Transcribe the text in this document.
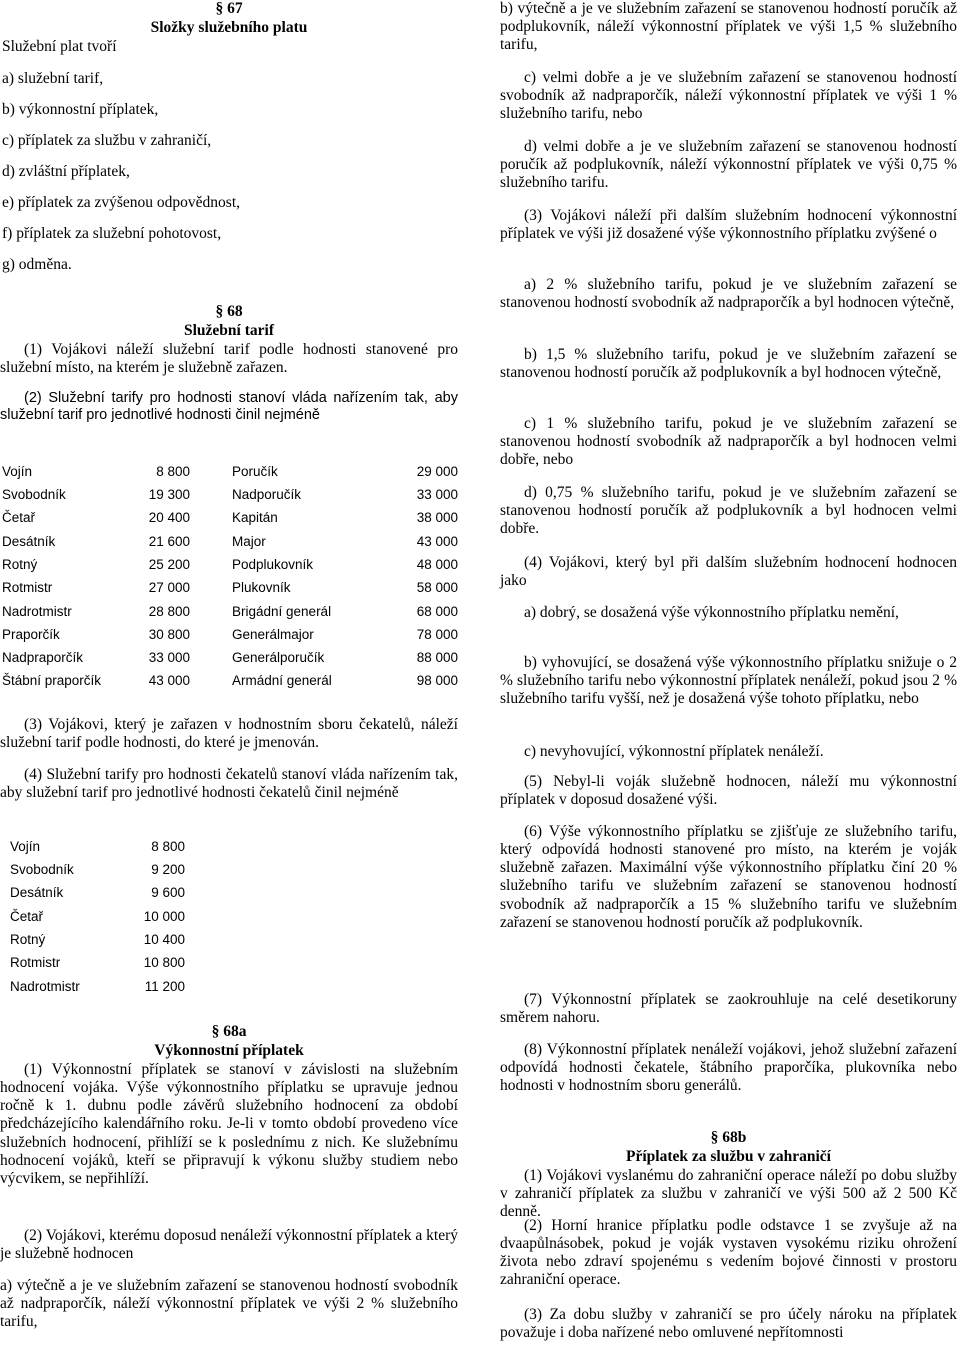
§ 67

Složky služebního platu

Služební plat tvoří

a) služební tarif,

b) výkonnostní příplatek,

c) příplatek za službu v zahraničí,

d) zvláštní příplatek,

e) příplatek za zvýšenou odpovědnost,

f) příplatek za služební pohotovost,

g) odměna.

§ 68

Služební tarif

(1) Vojákovi náleží služební tarif podle hodnosti stanovené pro služební místo, na kterém je služebně zařazen.

(2) Služební tarify pro hodnosti stanoví vláda nařízením tak, aby služební tarif pro jednotlivé hodnosti činil nejméně

Vojín	8 800	Poručík	29 000
Svobodník	19 300	Nadporučík	33 000
Četař	20 400	Kapitán	38 000
Desátník	21 600	Major	43 000
Rotný	25 200	Podplukovník	48 000
Rotmistr	27 000	Plukovník	58 000
Nadrotmistr	28 800	Brigádní generál	68 000
Praporčík	30 800	Generálmajor	78 000
Nadpraporčík	33 000	Generálporučík	88 000
Štábní praporčík	43 000	Armádní generál	98 000

(3) Vojákovi, který je zařazen v hodnostním sboru čekatelů, náleží služební tarif podle hodnosti, do které je jmenován.

(4) Služební tarify pro hodnosti čekatelů stanoví vláda nařízením tak, aby služební tarif pro jednotlivé hodnosti čekatelů činil nejméně

Vojín	8 800
Svobodník	9 200
Desátník	9 600
Četař	10 000
Rotný	10 400
Rotmistr	10 800
Nadrotmistr	11 200

§ 68a

Výkonnostní příplatek

(1) Výkonnostní příplatek se stanoví v závislosti na služebním hodnocení vojáka. Výše výkonnostního příplatku se upravuje jednou ročně k 1. dubnu podle závěrů služebního hodnocení za období předcházejícího kalendářního roku. Je-li v tomto období provedeno více služebních hodnocení, přihlíží se k poslednímu z nich. Ke služebnímu hodnocení vojáků, kteří se připravují k výkonu služby studiem nebo výcvikem, se nepřihlíží.

(2) Vojákovi, kterému doposud nenáleží výkonnostní příplatek a který je služebně hodnocen

a) výtečně a je ve služebním zařazení se stanovenou hodností svobodník až nadpraporčík, náleží výkonnostní příplatek ve výši 2 % služebního tarifu,

b) výtečně a je ve služebním zařazení se stanovenou hodností poručík až podplukovník, náleží výkonnostní příplatek ve výši 1,5 % služebního tarifu,

c) velmi dobře a je ve služebním zařazení se stanovenou hodností svobodník až nadpraporčík, náleží výkonnostní příplatek ve výši 1 % služebního tarifu, nebo

d) velmi dobře a je ve služebním zařazení se stanovenou hodností poručík až podplukovník, náleží výkonnostní příplatek ve výši 0,75 % služebního tarifu.

(3) Vojákovi náleží při dalším služebním hodnocení výkonnostní příplatek ve výši již dosažené výše výkonnostního příplatku zvýšené o

a) 2 % služebního tarifu, pokud je ve služebním zařazení se stanovenou hodností svobodník až nadpraporčík a byl hodnocen výtečně,

b) 1,5 % služebního tarifu, pokud je ve služebním zařazení se stanovenou hodností poručík až podplukovník a byl hodnocen výtečně,

c) 1 % služebního tarifu, pokud je ve služebním zařazení se stanovenou hodností svobodník až nadpraporčík a byl hodnocen velmi dobře, nebo

d) 0,75 % služebního tarifu, pokud je ve služebním zařazení se stanovenou hodností poručík až podplukovník a byl hodnocen velmi dobře.

(4) Vojákovi, který byl při dalším služebním hodnocení hodnocen jako

a) dobrý, se dosažená výše výkonnostního příplatku nemění,

b) vyhovující, se dosažená výše výkonnostního příplatku snižuje o 2 % služebního tarifu nebo výkonnostní příplatek nenáleží, pokud jsou 2 % služebního tarifu vyšší, než je dosažená výše tohoto příplatku, nebo

c) nevyhovující, výkonnostní příplatek nenáleží.

(5) Nebyl-li voják služebně hodnocen, náleží mu výkonnostní příplatek v doposud dosažené výši.

(6) Výše výkonnostního příplatku se zjišťuje ze služebního tarifu, který odpovídá hodnosti stanovené pro místo, na kterém je voják služebně zařazen. Maximální výše výkonnostního příplatku činí 20 % služebního tarifu ve služebním zařazení se stanovenou hodností svobodník až nadpraporčík a 15 % služebního tarifu ve služebním zařazení se stanovenou hodností poručík až podplukovník.

(7) Výkonnostní příplatek se zaokrouhluje na celé desetikoruny směrem nahoru.

(8) Výkonnostní příplatek nenáleží vojákovi, jehož služební zařazení odpovídá hodnosti čekatele, štábního praporčíka, plukovníka nebo hodnosti v hodnostním sboru generálů.

§ 68b

Příplatek za službu v zahraničí

(1) Vojákovi vyslanému do zahraniční operace náleží po dobu služby v zahraničí příplatek za službu v zahraničí ve výši 500 až 2 500 Kč denně.

(2) Horní hranice příplatku podle odstavce 1 se zvyšuje až na dvaapůlnásobek, pokud je voják vystaven vysokému riziku ohrožení života nebo zdraví spojenému s vedením bojové činnosti v prostoru zahraniční operace.

(3) Za dobu služby v zahraničí se pro účely nároku na příplatek považuje i doba nařízené nebo omluvené nepřítomnosti
